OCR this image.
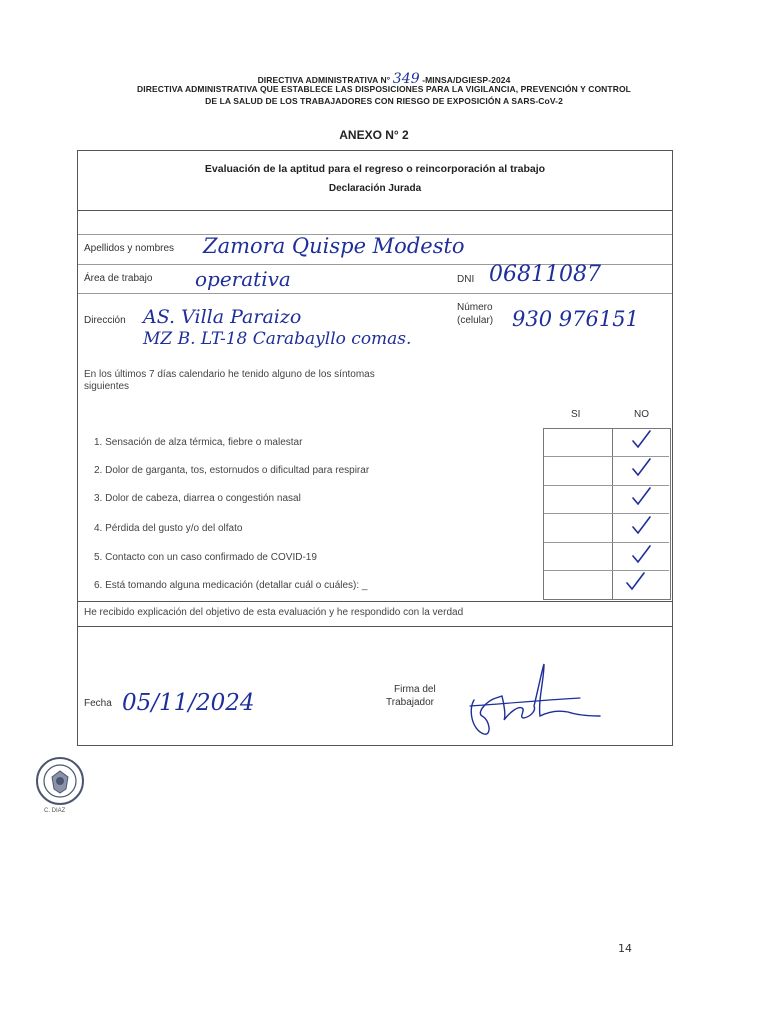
DIRECTIVA ADMINISTRATIVA N° 349 -MINSA/DGIESP-2024
DIRECTIVA ADMINISTRATIVA QUE ESTABLECE LAS DISPOSICIONES PARA LA VIGILANCIA, PREVENCIÓN Y CONTROL
DE LA SALUD DE LOS TRABAJADORES CON RIESGO DE EXPOSICIÓN A SARS-CoV-2
ANEXO N° 2
Evaluación de la aptitud para el regreso o reincorporación al trabajo
Declaración Jurada
Apellidos y nombres Zamora Quispe Modesto
Área de trabajo operativa	DNI 06811087
Dirección AS. Villa Paraizo
MZ B. LT-18 Carabayllo comas.
Número
(celular) 930 976151
En los últimos 7 días calendario he tenido alguno de los síntomas siguientes
SI	NO
1. Sensación de alza térmica, fiebre o malestar
2. Dolor de garganta, tos, estornudos o dificultad para respirar
3. Dolor de cabeza, diarrea o congestión nasal
4. Pérdida del gusto y/o del olfato
5. Contacto con un caso confirmado de COVID-19
6. Está tomando alguna medicación (detallar cuál o cuáles): _
He recibido explicación del objetivo de esta evaluación y he respondido con la verdad
Fecha 05/11/2024
Firma del
Trabajador
C. DIAZ
14
